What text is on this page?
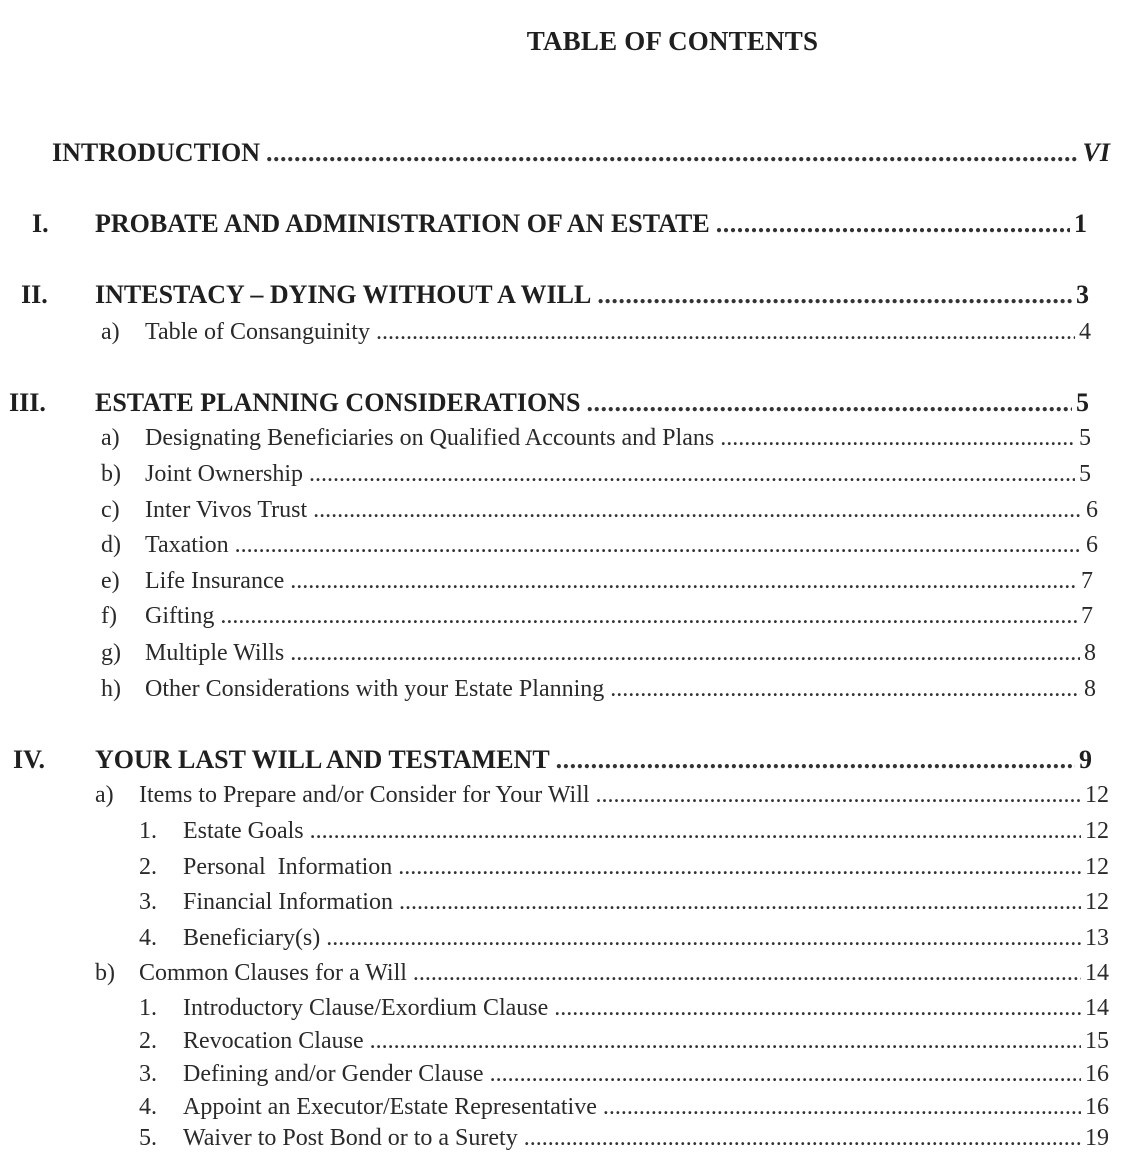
TABLE OF CONTENTS
INTRODUCTION . . .	VI
I. PROBATE AND ADMINISTRATION OF AN ESTATE . . .	1
II. INTESTACY – DYING WITHOUT A WILL . . .	3
a) Table of Consanguinity . . .	4
III. ESTATE PLANNING CONSIDERATIONS . . .	5
a) Designating Beneficiaries on Qualified Accounts and Plans . . .	5
b) Joint Ownership . . .	5
c) Inter Vivos Trust . . .	6
d) Taxation . . .	6
e) Life Insurance . . .	7
f) Gifting . . .	7
g) Multiple Wills . . .	8
h) Other Considerations with your Estate Planning . . .	8
IV. YOUR LAST WILL AND TESTAMENT . . .	9
a) Items to Prepare and/or Consider for Your Will . . .	12
1. Estate Goals . . .	12
2. Personal  Information . . .	12
3. Financial Information . . .	12
4. Beneficiary(s) . . .	13
b) Common Clauses for a Will . . .	14
1. Introductory Clause/Exordium Clause . . .	14
2. Revocation Clause . . .	15
3. Defining and/or Gender Clause . . .	16
4. Appoint an Executor/Estate Representative . . .	16
5. Waiver to Post Bond or to a Surety . . .	19
